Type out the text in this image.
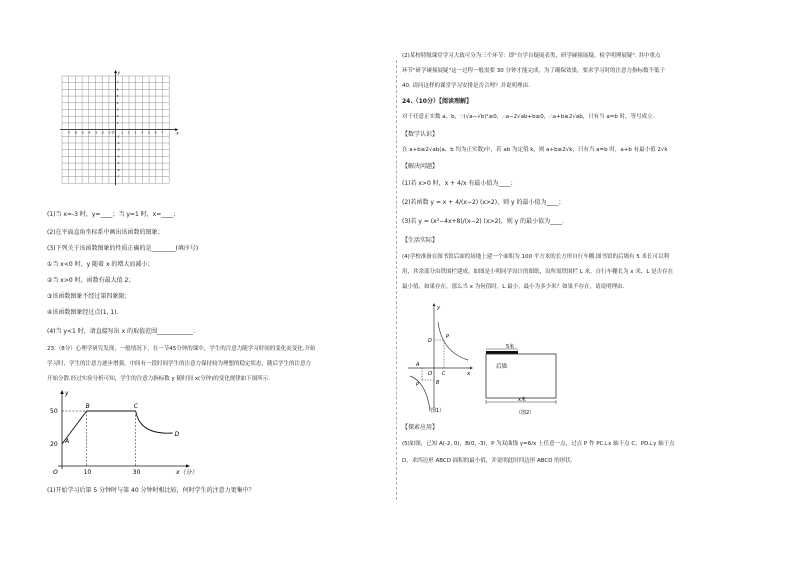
-7
-7
-6
-6
-5
-5
-4
-4
-3
-3
-2
-2
-1
-1
1
1
2
2
3
3
4
4
5
5
6
6
7
7
O	x
y
(1)当 x=-3 时，y=____；当 y=1 时，x=____；
(2)在平面直角坐标系中画出该函数的图象；
(3)下列关于该函数图象的性质正确的是________(填序号)
①当 x<0 时，y 随着 x 的增大而减小；
②当 x>0 时，函数有最大值 2；
③该函数图象不经过第四象限；
④该函数图象经过点(1, 1).
(4)当 y<1 时，请直接写出 x 的取值范围____________.
23.（8分）心理学研究发现，一般情况下，在一节45分钟的课中，学生的注意力随学习时间的变化而变化.开始
学习时，学生的注意力逐步增强，中间有一段时间学生的注意力保持较为理想的稳定状态，随后学生的注意力
开始分散.经过实验分析可知，学生的注意力指标数 y 随时间 x(分钟)的变化规律如下图所示.
A
B	C
D
20
50
10	30
O
y
x（分）
(1)开始学习后第 5 分钟时与第 40 分钟时相比较，何时学生的注意力更集中？
(2)某校特级课堂学习大致可分为三个环节：即"自学自疑展表类、研学碰撞展疑、检学明理展疑". 其中重点
环节"研学碰撞展疑"这一过程一般需要 30 分钟才能完成，为了确保效果，要求学习时的注意力指标数不低于
40. 请问这样的课堂学习安排是否合理？并说明理由.
24.（10分）【阅读理解】
对于任意正实数 a、b，∵(√a−√b)²≥0，∴a−2√ab+b≥0，∴a+b≥2√ab，只有当 a=b 时，等号成立.
【数学认识】
在 a+b≥2√ab(a、b 均为正实数)中，若 ab 为定值 k，则 a+b≥2√k，只有当 a=b 时，a+b 有最小值 2√k
【解决问题】
(1)若 x>0 时，x + 4/x 有最小值为____；
(2)若函数 y = x + 4/(x−2) (x>2)，则 y 的最小值为____；
(3)若 y = (x²−4x+8)/(x−2) (x>2)，则 y 的最小值为____.
【生活实际】
(4)学校准备在图书馆后面的场地上建一个面积为 100 平方米的长方形自行车棚.图书馆的后墙有 5 米长可以利
用，其余部分由铁围栏建成，如图是小明同学设计的图纸，设所需铁围栏 L 米，自行车棚长为 x 米，L 是否存在
最小值，如果存在，那么当 x 为何值时，L 最小，最小为多少米？如果不存在，请说明理由.
y
x
O
D
C
P
A
B
P
（图1）
5米
后墙
x米
（图2）
【探索应用】
(5)如图，已知 A(-2, 0)，B(0, -3)，P 为双曲线 y=6/x 上任意一点，过点 P 作 PC⊥x 轴于点 C，PD⊥y 轴于点
D，求四边形 ABCD 面积的最小值，并说明此时四边形 ABCD 的形状.
